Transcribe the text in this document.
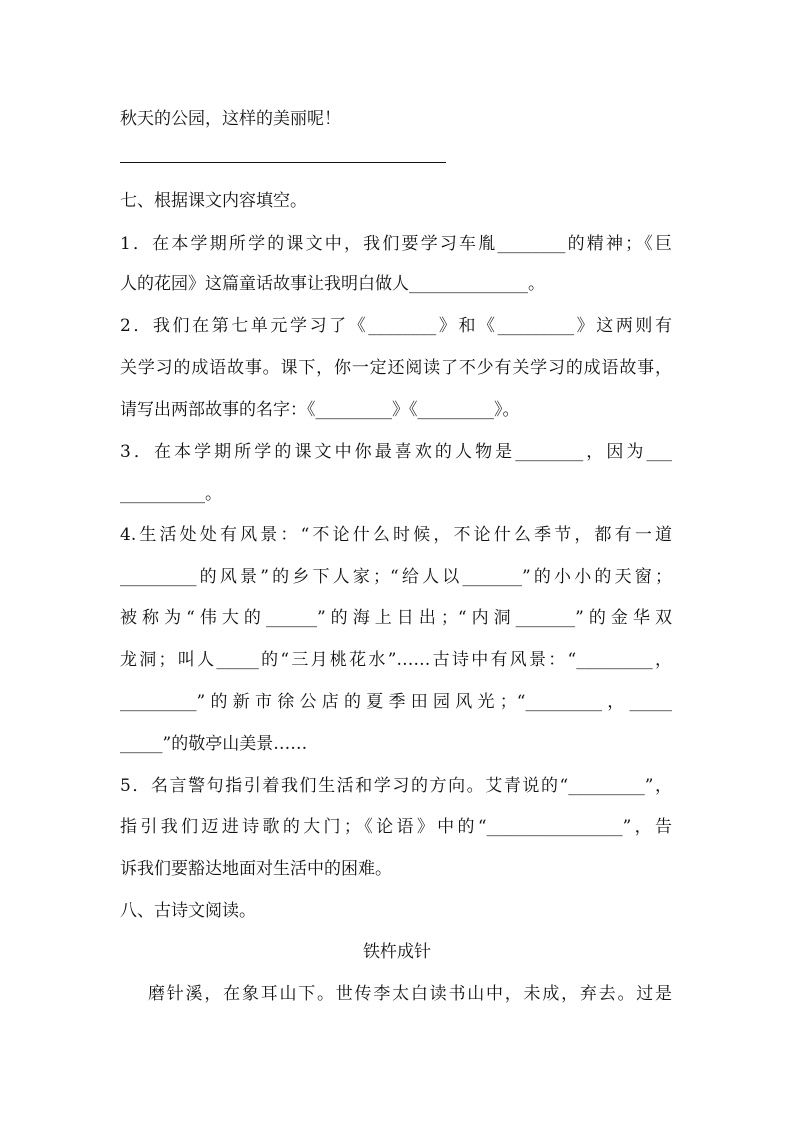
秋天的公园，这样的美丽呢！
七、根据课文内容填空。
1．在本学期所学的课文中，我们要学习车胤________的精神；《巨
人的花园》这篇童话故事让我明白做人______________。
2．我们在第七单元学习了《________》和《_________》这两则有
关学习的成语故事。课下，你一定还阅读了不少有关学习的成语故事，
请写出两部故事的名字：《_________》《_________》。
3．在本学期所学的课文中你最喜欢的人物是________，因为___
__________。
4.生活处处有风景：“不论什么时候，不论什么季节，都有一道
_________的风景”的乡下人家；“给人以_______”的小小的天窗；
被称为“伟大的______”的海上日出；“内洞_______”的金华双
龙洞；叫人_____的“三月桃花水”……古诗中有风景：“_________，
_________”的新市徐公店的夏季田园风光；“_________，_____
_____”的敬亭山美景……
5．名言警句指引着我们生活和学习的方向。艾青说的“_________”，
指引我们迈进诗歌的大门；《论语》中的“________________”，告
诉我们要豁达地面对生活中的困难。
八、古诗文阅读。
铁杵成针
磨针溪，在象耳山下。世传李太白读书山中，未成，弃去。过是
